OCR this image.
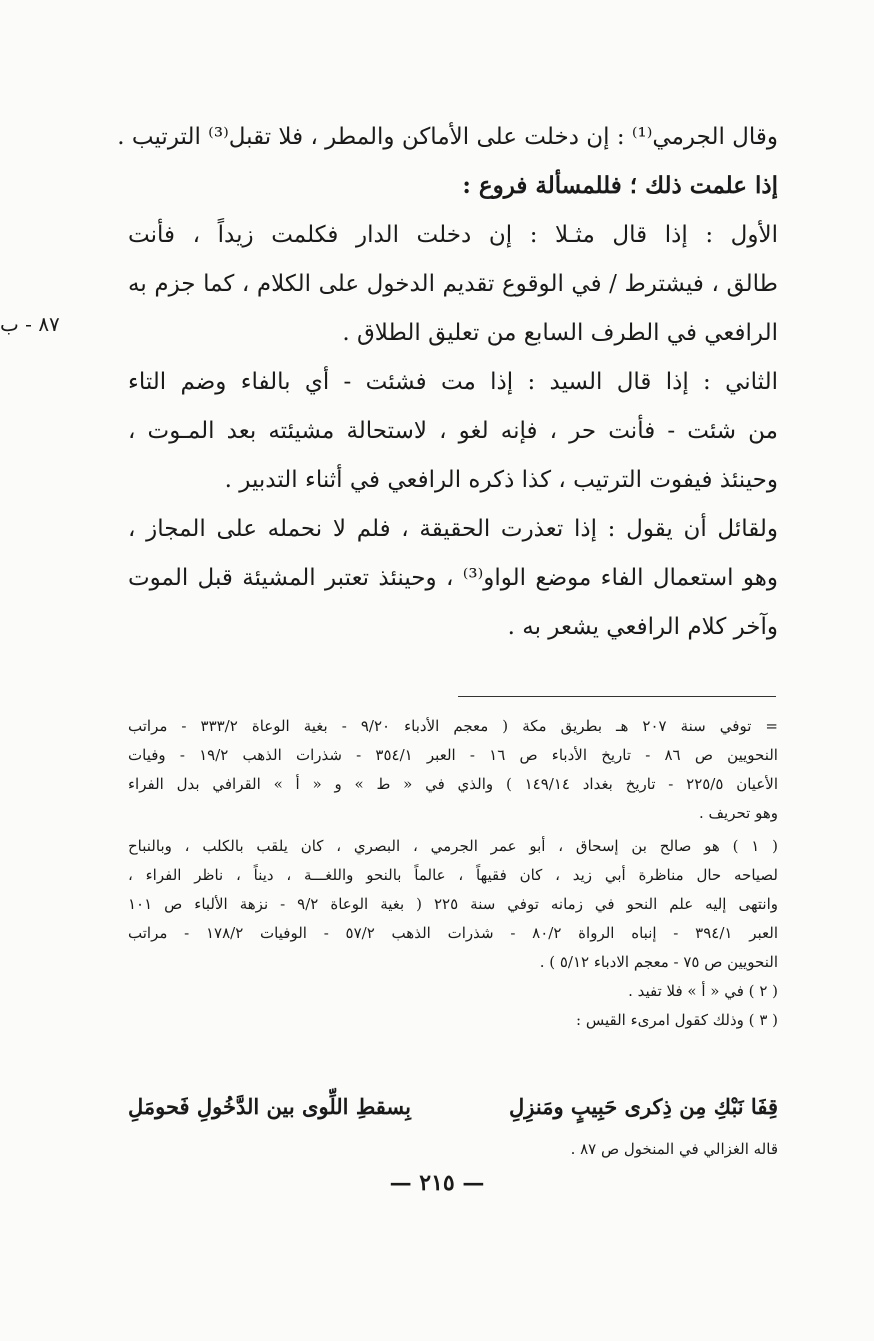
وقال الجرمي⁽¹⁾ : إن دخلت على الأماكن والمطر ، فلا تقبل⁽³⁾ الترتيب .
إذا علمت ذلك ؛ فللمسألة فروع :
الأول : إذا قال مثـلا : إن دخلت الدار فكلمت زيداً ، فأنت
طالق ، فيشترط / في الوقوع تقديم الدخول على الكلام ، كما جزم به
الرافعي في الطرف السابع من تعليق الطلاق .
الثاني : إذا قال السيد : إذا مت فشئت - أي بالفاء وضم التاء
من شئت - فأنت حر ، فإنه لغو ، لاستحالة مشيئته بعد المـوت ،
وحينئذ فيفوت الترتيب ، كذا ذكره الرافعي في أثناء التدبير .
ولقائل أن يقول : إذا تعذرت الحقيقة ، فلم لا نحمله على المجاز ،
وهو استعمال الفاء موضع الواو⁽³⁾ ، وحينئذ تعتبر المشيئة قبل الموت
وآخر كلام الرافعي يشعر به .
٨٧ - ب
= توفي سنة ٢٠٧ هـ بطريق مكة ( معجم الأدباء ٩/٢٠ - بغية الوعاة ٣٣٣/٢ - مراتب
النحويين ص ٨٦ - تاريخ الأدباء ص ١٦ - العبر ٣٥٤/١ - شذرات الذهب ١٩/٢ - وفيات
الأعيان ٢٢٥/٥ - تاريخ بغداد ١٤٩/١٤ ) والذي في « ط » و « أ » القرافي بدل الفراء
وهو تحريف .
( ١ ) هو صالح بن إسحاق ، أبو عمر الجرمي ، البصري ، كان يلقب بالكلب ، وبالنباح
لصياحه حال مناظرة أبي زيد ، كان فقيهاً ، عالماً بالنحو واللغـــة ، ديناً ، ناظر الفراء ،
وانتهى إليه علم النحو في زمانه توفي سنة ٢٢٥ ( بغية الوعاة ٩/٢ - نزهة الألباء ص ١٠١
العبر ٣٩٤/١ - إنباه الرواة ٨٠/٢ - شذرات الذهب ٥٧/٢ - الوفيات ١٧٨/٢ - مراتب
النحويين ص ٧٥ - معجم الادباء ٥/١٢ ) .
( ٢ ) في « أ » فلا تفيد .
( ٣ ) وذلك كقول امرىء القيس :
قِفَا نَبْكِ مِن ذِكرى حَبِيبٍ ومَنزِلِ
بِسقطِ اللِّوى بين الدَّخُولِ فَحومَلِ
قاله الغزالي في المنخول ص ٨٧ .
— ٢١٥ —
